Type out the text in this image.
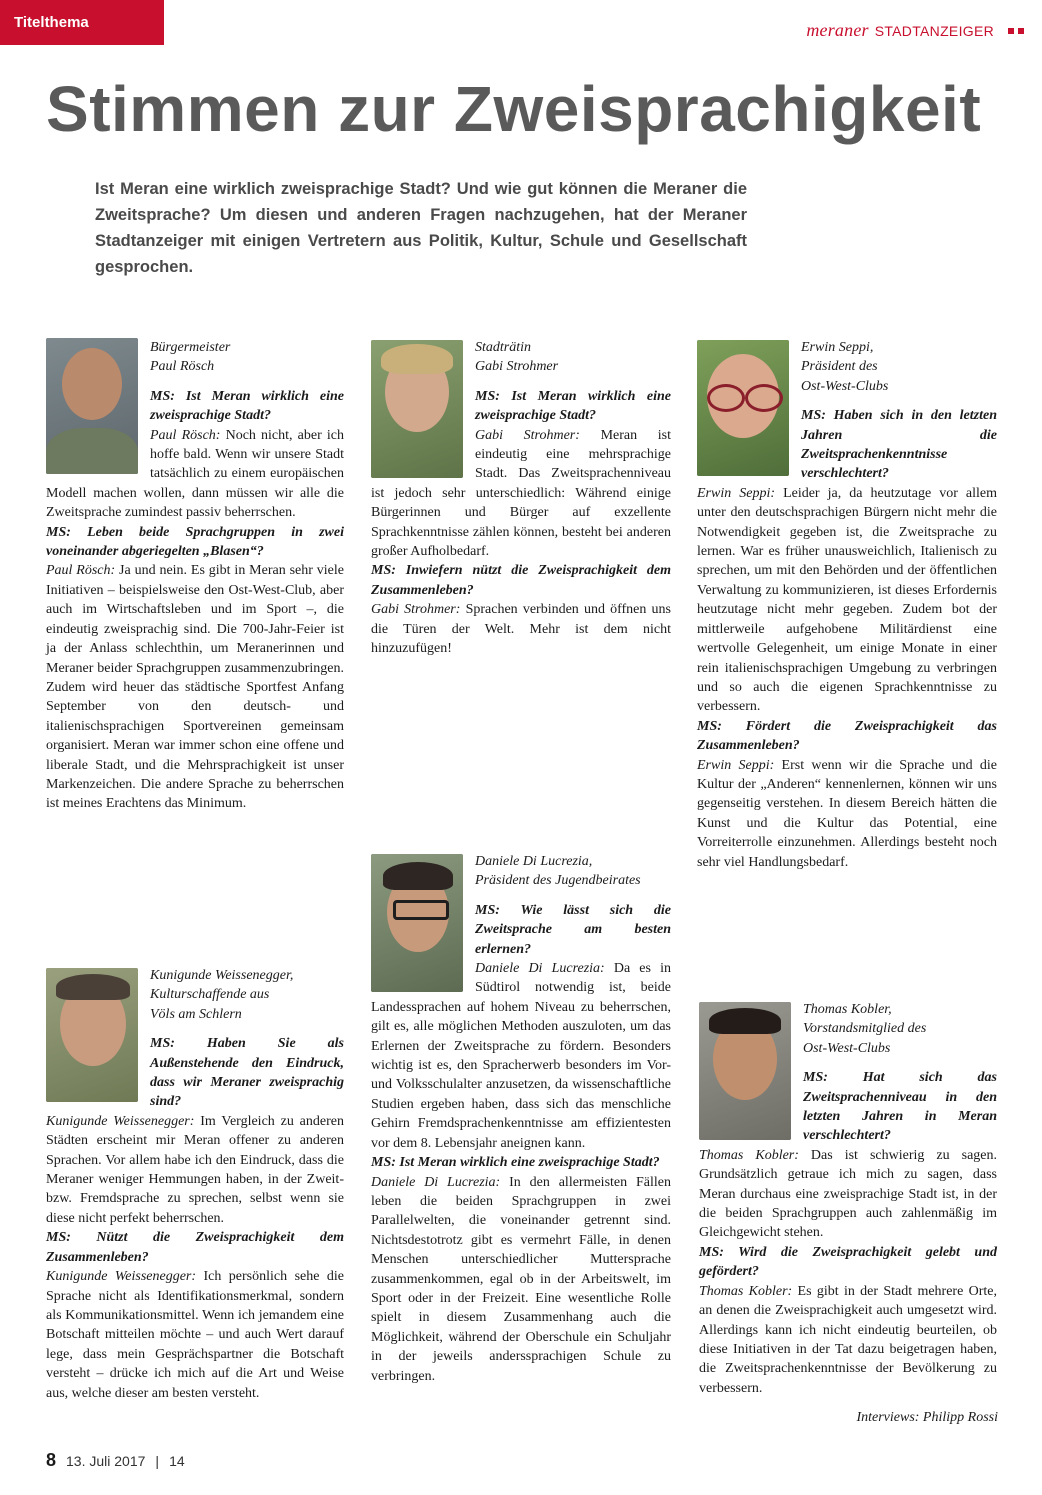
Titelthema	meraner STADTANZEIGER
Stimmen zur Zweisprachigkeit
Ist Meran eine wirklich zweisprachige Stadt? Und wie gut können die Meraner die Zweitsprache? Um diesen und anderen Fragen nachzugehen, hat der Meraner Stadtanzeiger mit einigen Vertretern aus Politik, Kultur, Schule und Gesellschaft gesprochen.
Bürgermeister
Paul Rösch

MS: Ist Meran wirklich eine zweisprachige Stadt?

Paul Rösch: Noch nicht, aber ich hoffe bald. Wenn wir unsere Stadt tatsächlich zu einem europäischen Modell machen wollen, dann müssen wir alle die Zweitsprache zumindest passiv beherrschen.

MS: Leben beide Sprachgruppen in zwei voneinander abgeriegelten „Blasen“?

Paul Rösch: Ja und nein. Es gibt in Meran sehr viele Initiativen – beispielsweise den Ost-West-Club, aber auch im Wirtschaftsleben und im Sport –, die eindeutig zweisprachig sind. Die 700-Jahr-Feier ist ja der Anlass schlechthin, um Meranerinnen und Meraner beider Sprachgruppen zusammenzubringen. Zudem wird heuer das städtische Sportfest Anfang September von den deutsch- und italienischsprachigen Sportvereinen gemeinsam organisiert. Meran war immer schon eine offene und liberale Stadt, und die Mehrsprachigkeit ist unser Markenzeichen. Die andere Sprache zu beherrschen ist meines Erachtens das Minimum.

Stadträtin
Gabi Strohmer

MS: Ist Meran wirklich eine zweisprachige Stadt?

Gabi Strohmer: Meran ist eindeutig eine mehrsprachige Stadt. Das Zweitsprachenniveau ist jedoch sehr unterschiedlich: Während einige Bürgerinnen und Bürger auf exzellente Sprachkenntnisse zählen können, besteht bei anderen großer Aufholbedarf.

MS: Inwiefern nützt die Zweisprachigkeit dem Zusammenleben?

Gabi Strohmer: Sprachen verbinden und öffnen uns die Türen der Welt. Mehr ist dem nicht hinzuzufügen!

Erwin Seppi,
Präsident des
Ost-West-Clubs

MS: Haben sich in den letzten Jahren die Zweitsprachenkenntnisse verschlechtert?

Erwin Seppi: Leider ja, da heutzutage vor allem unter den deutschsprachigen Bürgern nicht mehr die Notwendigkeit gegeben ist, die Zweitsprache zu lernen. War es früher unausweichlich, Italienisch zu sprechen, um mit den Behörden und der öffentlichen Verwaltung zu kommunizieren, ist dieses Erfordernis heutzutage nicht mehr gegeben. Zudem bot der mittlerweile aufgehobene Militärdienst eine wertvolle Gelegenheit, um einige Monate in einer rein italienischsprachigen Umgebung zu verbringen und so auch die eigenen Sprachkenntnisse zu verbessern.

MS: Fördert die Zweisprachigkeit das Zusammenleben?

Erwin Seppi: Erst wenn wir die Sprache und die Kultur der „Anderen“ kennenlernen, können wir uns gegenseitig verstehen. In diesem Bereich hätten die Kunst und die Kultur das Potential, eine Vorreiterrolle einzunehmen. Allerdings besteht noch sehr viel Handlungsbedarf.

Kunigunde Weissenegger,
Kulturschaffende aus
Völs am Schlern

MS: Haben Sie als Außenstehende den Eindruck, dass wir Meraner zweisprachig sind?

Kunigunde Weissenegger: Im Vergleich zu anderen Städten erscheint mir Meran offener zu anderen Sprachen. Vor allem habe ich den Eindruck, dass die Meraner weniger Hemmungen haben, in der Zweit- bzw. Fremdsprache zu sprechen, selbst wenn sie diese nicht perfekt beherrschen.

MS: Nützt die Zweisprachigkeit dem Zusammenleben?

Kunigunde Weissenegger: Ich persönlich sehe die Sprache nicht als Identifikationsmerkmal, sondern als Kommunikationsmittel. Wenn ich jemandem eine Botschaft mitteilen möchte – und auch Wert darauf lege, dass mein Gesprächspartner die Botschaft versteht – drücke ich mich auf die Art und Weise aus, welche dieser am besten versteht.

Daniele Di Lucrezia,
Präsident des Jugendbeirates

MS: Wie lässt sich die Zweitsprache am besten erlernen?

Daniele Di Lucrezia: Da es in Südtirol notwendig ist, beide Landessprachen auf hohem Niveau zu beherrschen, gilt es, alle möglichen Methoden auszuloten, um das Erlernen der Zweitsprache zu fördern. Besonders wichtig ist es, den Spracherwerb besonders im Vor- und Volksschulalter anzusetzen, da wissenschaftliche Studien ergeben haben, dass sich das menschliche Gehirn Fremdsprachenkenntnisse am effizientesten vor dem 8. Lebensjahr aneignen kann.

MS: Ist Meran wirklich eine zweisprachige Stadt?

Daniele Di Lucrezia: In den allermeisten Fällen leben die beiden Sprachgruppen in zwei Parallelwelten, die voneinander getrennt sind. Nichtsdestotrotz gibt es vermehrt Fälle, in denen Menschen unterschiedlicher Muttersprache zusammenkommen, egal ob in der Arbeitswelt, im Sport oder in der Freizeit. Eine wesentliche Rolle spielt in diesem Zusammenhang auch die Möglichkeit, während der Oberschule ein Schuljahr in der jeweils anderssprachigen Schule zu verbringen.

Thomas Kobler,
Vorstandsmitglied des
Ost-West-Clubs

MS: Hat sich das Zweitsprachenniveau in den letzten Jahren in Meran verschlechtert?

Thomas Kobler: Das ist schwierig zu sagen. Grundsätzlich getraue ich mich zu sagen, dass Meran durchaus eine zweisprachige Stadt ist, in der die beiden Sprachgruppen auch zahlenmäßig im Gleichgewicht stehen.

MS: Wird die Zweisprachigkeit gelebt und gefördert?

Thomas Kobler: Es gibt in der Stadt mehrere Orte, an denen die Zweisprachigkeit auch umgesetzt wird. Allerdings kann ich nicht eindeutig beurteilen, ob diese Initiativen in der Tat dazu beigetragen haben, die Zweitsprachenkenntnisse der Bevölkerung zu verbessern.

Interviews: Philipp Rossi
8 13. Juli 2017 | 14
